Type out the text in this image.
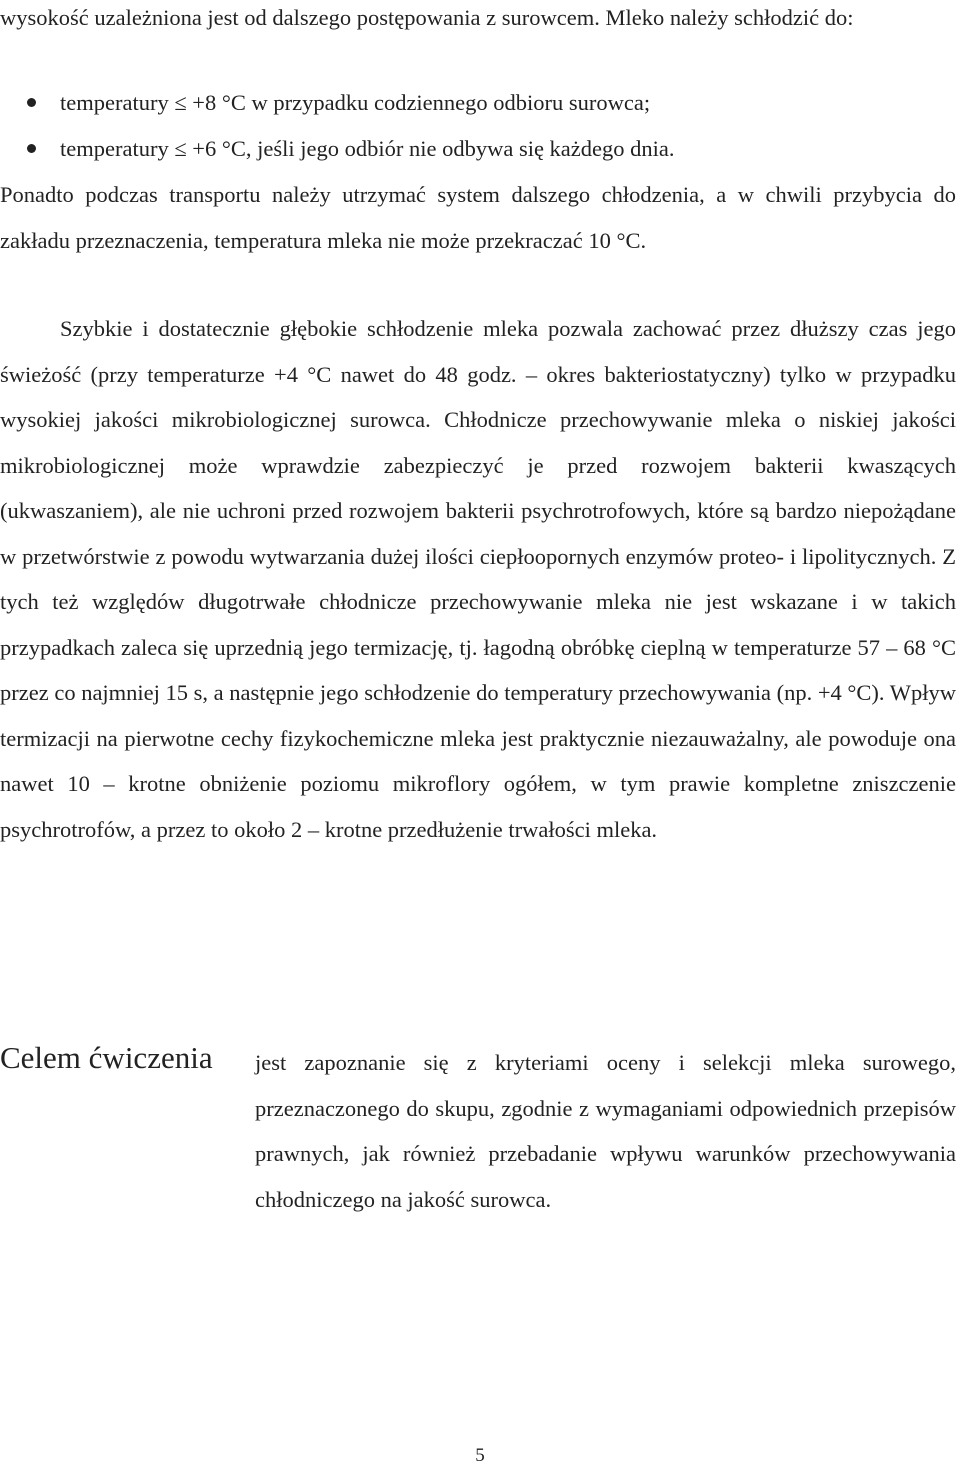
wysokość uzależniona jest od dalszego postępowania z surowcem. Mleko należy schłodzić do:

temperatury ≤ +8 °C w przypadku codziennego odbioru surowca;
temperatury ≤ +6 °C, jeśli jego odbiór nie odbywa się każdego dnia.

Ponadto podczas transportu należy utrzymać system dalszego chłodzenia, a w chwili przybycia do zakładu przeznaczenia, temperatura mleka nie może przekraczać 10 °C.

Szybkie i dostatecznie głębokie schłodzenie mleka pozwala zachować przez dłuższy czas jego świeżość (przy temperaturze +4 °C nawet do 48 godz. – okres bakteriostatyczny) tylko w przypadku wysokiej jakości mikrobiologicznej surowca. Chłodnicze przechowywanie mleka o niskiej jakości mikrobiologicznej może wprawdzie zabezpieczyć je przed rozwojem bakterii kwaszących (ukwaszaniem), ale nie uchroni przed rozwojem bakterii psychrotrofowych, które są bardzo niepożądane w przetwórstwie z powodu wytwarzania dużej ilości ciepłoopornych enzymów proteo- i lipolitycznych. Z tych też względów długotrwałe chłodnicze przechowywanie mleka nie jest wskazane i w takich przypadkach zaleca się uprzednią jego termizację, tj. łagodną obróbkę cieplną w temperaturze 57 – 68 °C przez co najmniej 15 s, a następnie jego schłodzenie do temperatury przechowywania (np. +4 °C). Wpływ termizacji na pierwotne cechy fizykochemiczne mleka jest praktycznie niezauważalny, ale powoduje ona nawet 10 – krotne obniżenie poziomu mikroflory ogółem, w tym prawie kompletne zniszczenie psychrotrofów, a przez to około 2 – krotne przedłużenie trwałości mleka.

Celem ćwiczenia jest zapoznanie się z kryteriami oceny i selekcji mleka surowego, przeznaczonego do skupu, zgodnie z wymaganiami odpowiednich przepisów prawnych, jak również przebadanie wpływu warunków przechowywania chłodniczego na jakość surowca.

5
